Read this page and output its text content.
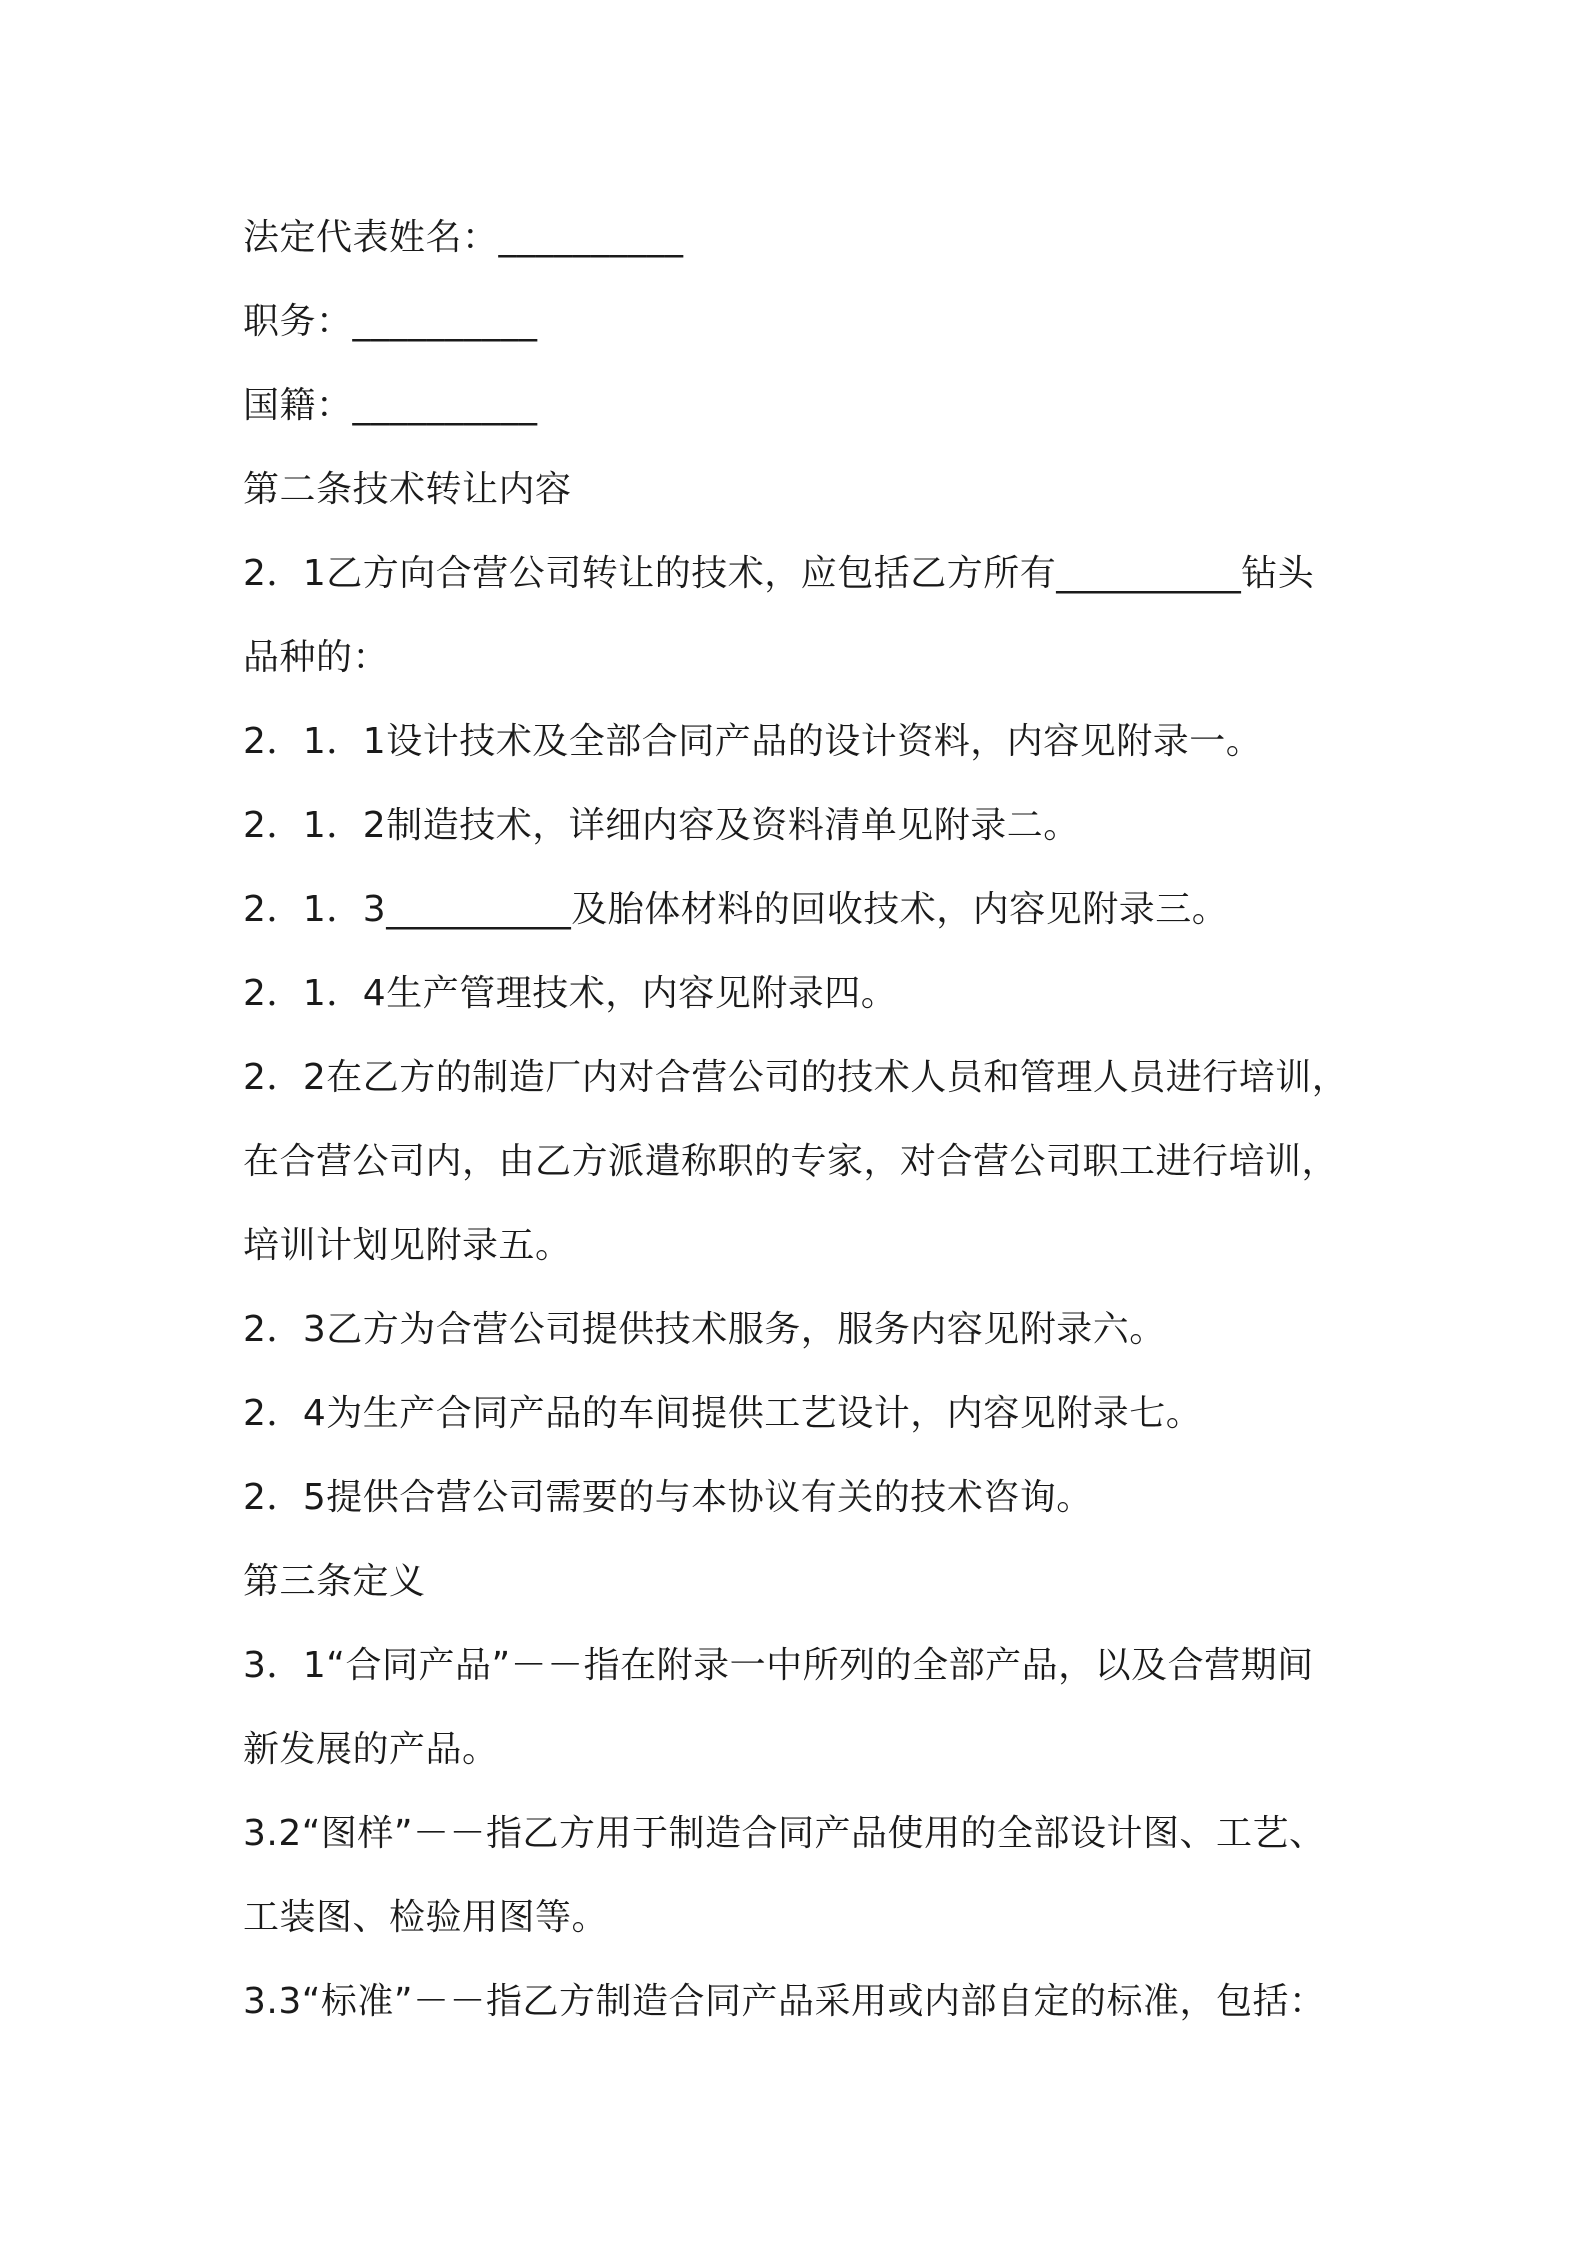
法定代表姓名：__________
职务：__________
国籍：__________
第二条技术转让内容
2．1乙方向合营公司转让的技术，应包括乙方所有__________钻头
品种的：
2．1．1设计技术及全部合同产品的设计资料，内容见附录一。
2．1．2制造技术，详细内容及资料清单见附录二。
2．1．3__________及胎体材料的回收技术，内容见附录三。
2．1．4生产管理技术，内容见附录四。
2．2在乙方的制造厂内对合营公司的技术人员和管理人员进行培训，
在合营公司内，由乙方派遣称职的专家，对合营公司职工进行培训，
培训计划见附录五。
2．3乙方为合营公司提供技术服务，服务内容见附录六。
2．4为生产合同产品的车间提供工艺设计，内容见附录七。
2．5提供合营公司需要的与本协议有关的技术咨询。
第三条定义
3．1“合同产品”－－指在附录一中所列的全部产品，以及合营期间
新发展的产品。
3.2“图样”－－指乙方用于制造合同产品使用的全部设计图、工艺、
工装图、检验用图等。
3.3“标准”－－指乙方制造合同产品采用或内部自定的标准，包括：
